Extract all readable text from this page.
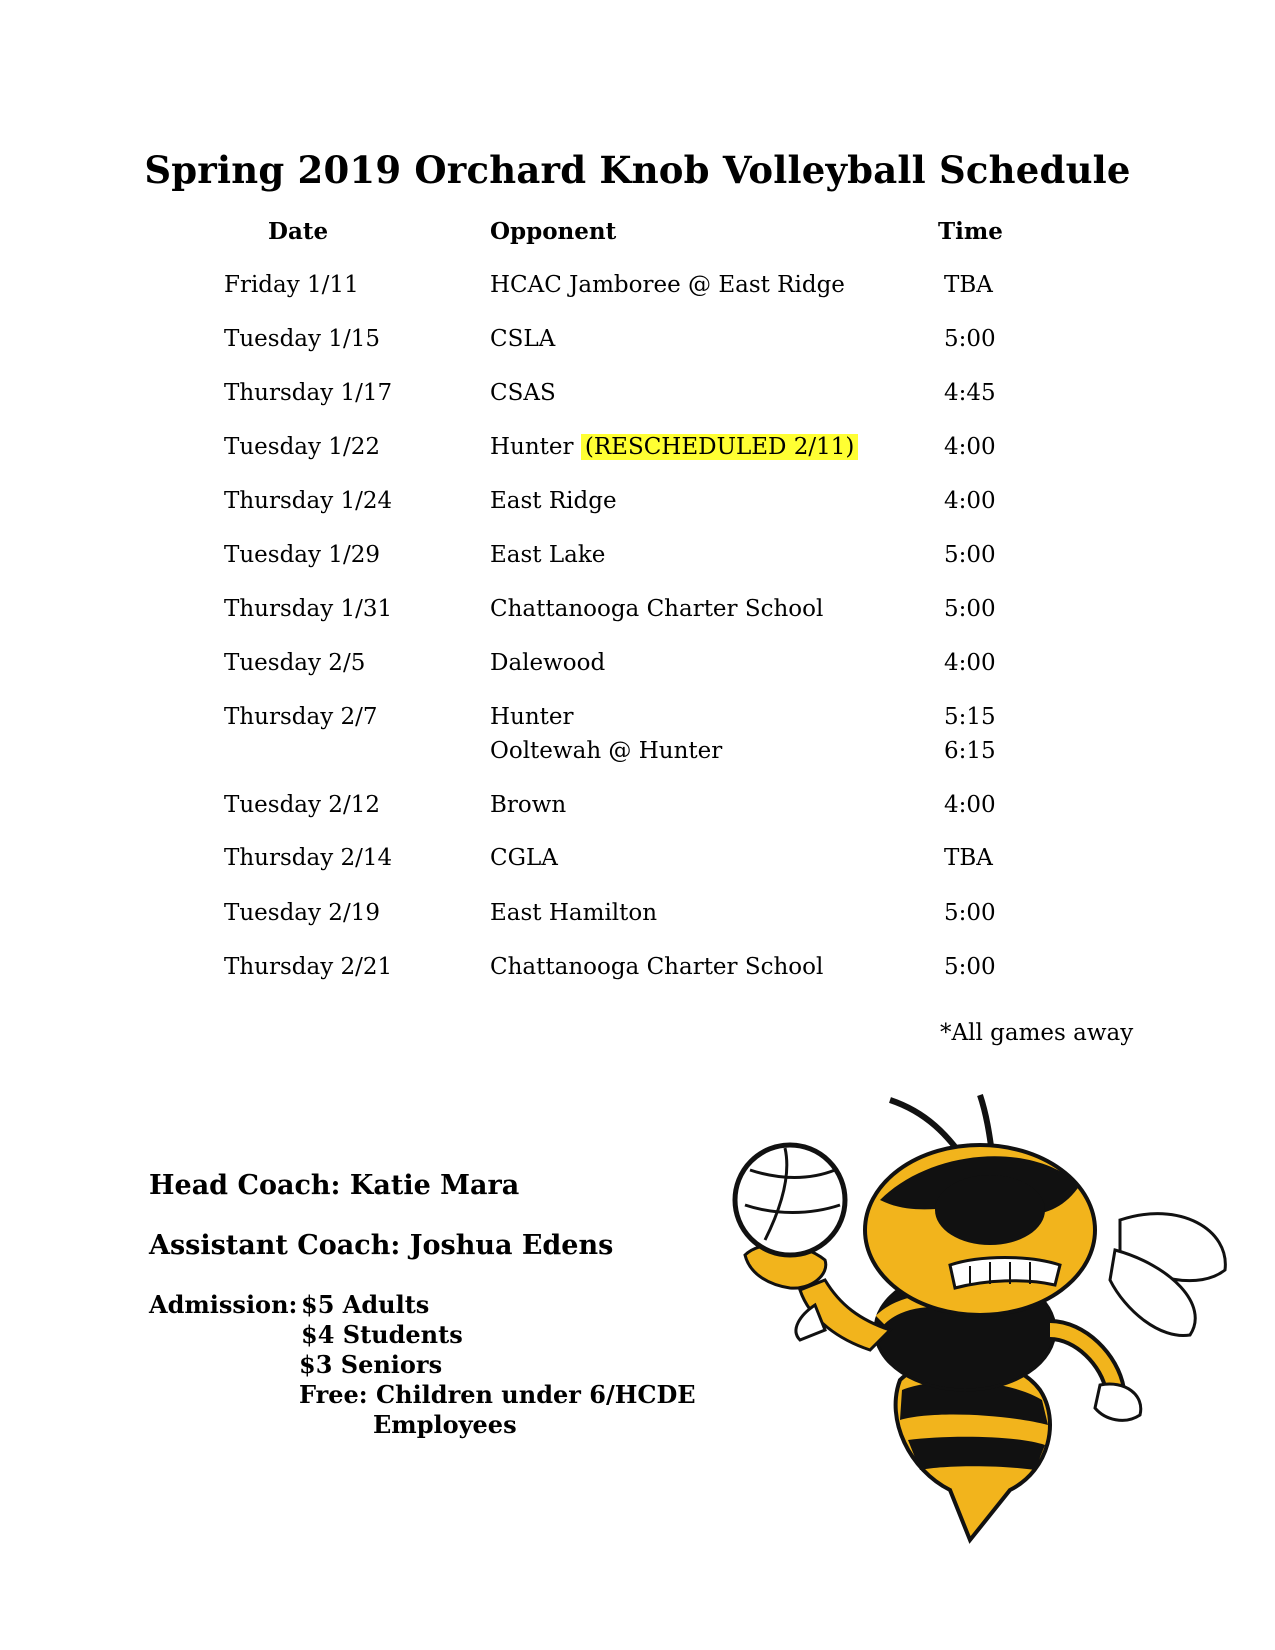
Spring 2019 Orchard Knob Volleyball Schedule
Date	Opponent	Time
Friday 1/11	HCAC Jamboree @ East Ridge	TBA
Tuesday 1/15	CSLA	5:00
Thursday 1/17	CSAS	4:45
Tuesday 1/22	Hunter (RESCHEDULED 2/11)	4:00
Thursday 1/24	East Ridge	4:00
Tuesday 1/29	East Lake	5:00
Thursday 1/31	Chattanooga Charter School	5:00
Tuesday 2/5	Dalewood	4:00
Thursday 2/7	Hunter	5:15
Ooltewah @ Hunter	6:15
Tuesday 2/12	Brown	4:00
Thursday 2/14	CGLA	TBA
Tuesday 2/19	East Hamilton	5:00
Thursday 2/21	Chattanooga Charter School	5:00
*All games away
Head Coach: Katie Mara
Assistant Coach: Joshua Edens
Admission: $5 Adults
$4 Students
$3 Seniors
Free: Children under 6/HCDE
Employees
